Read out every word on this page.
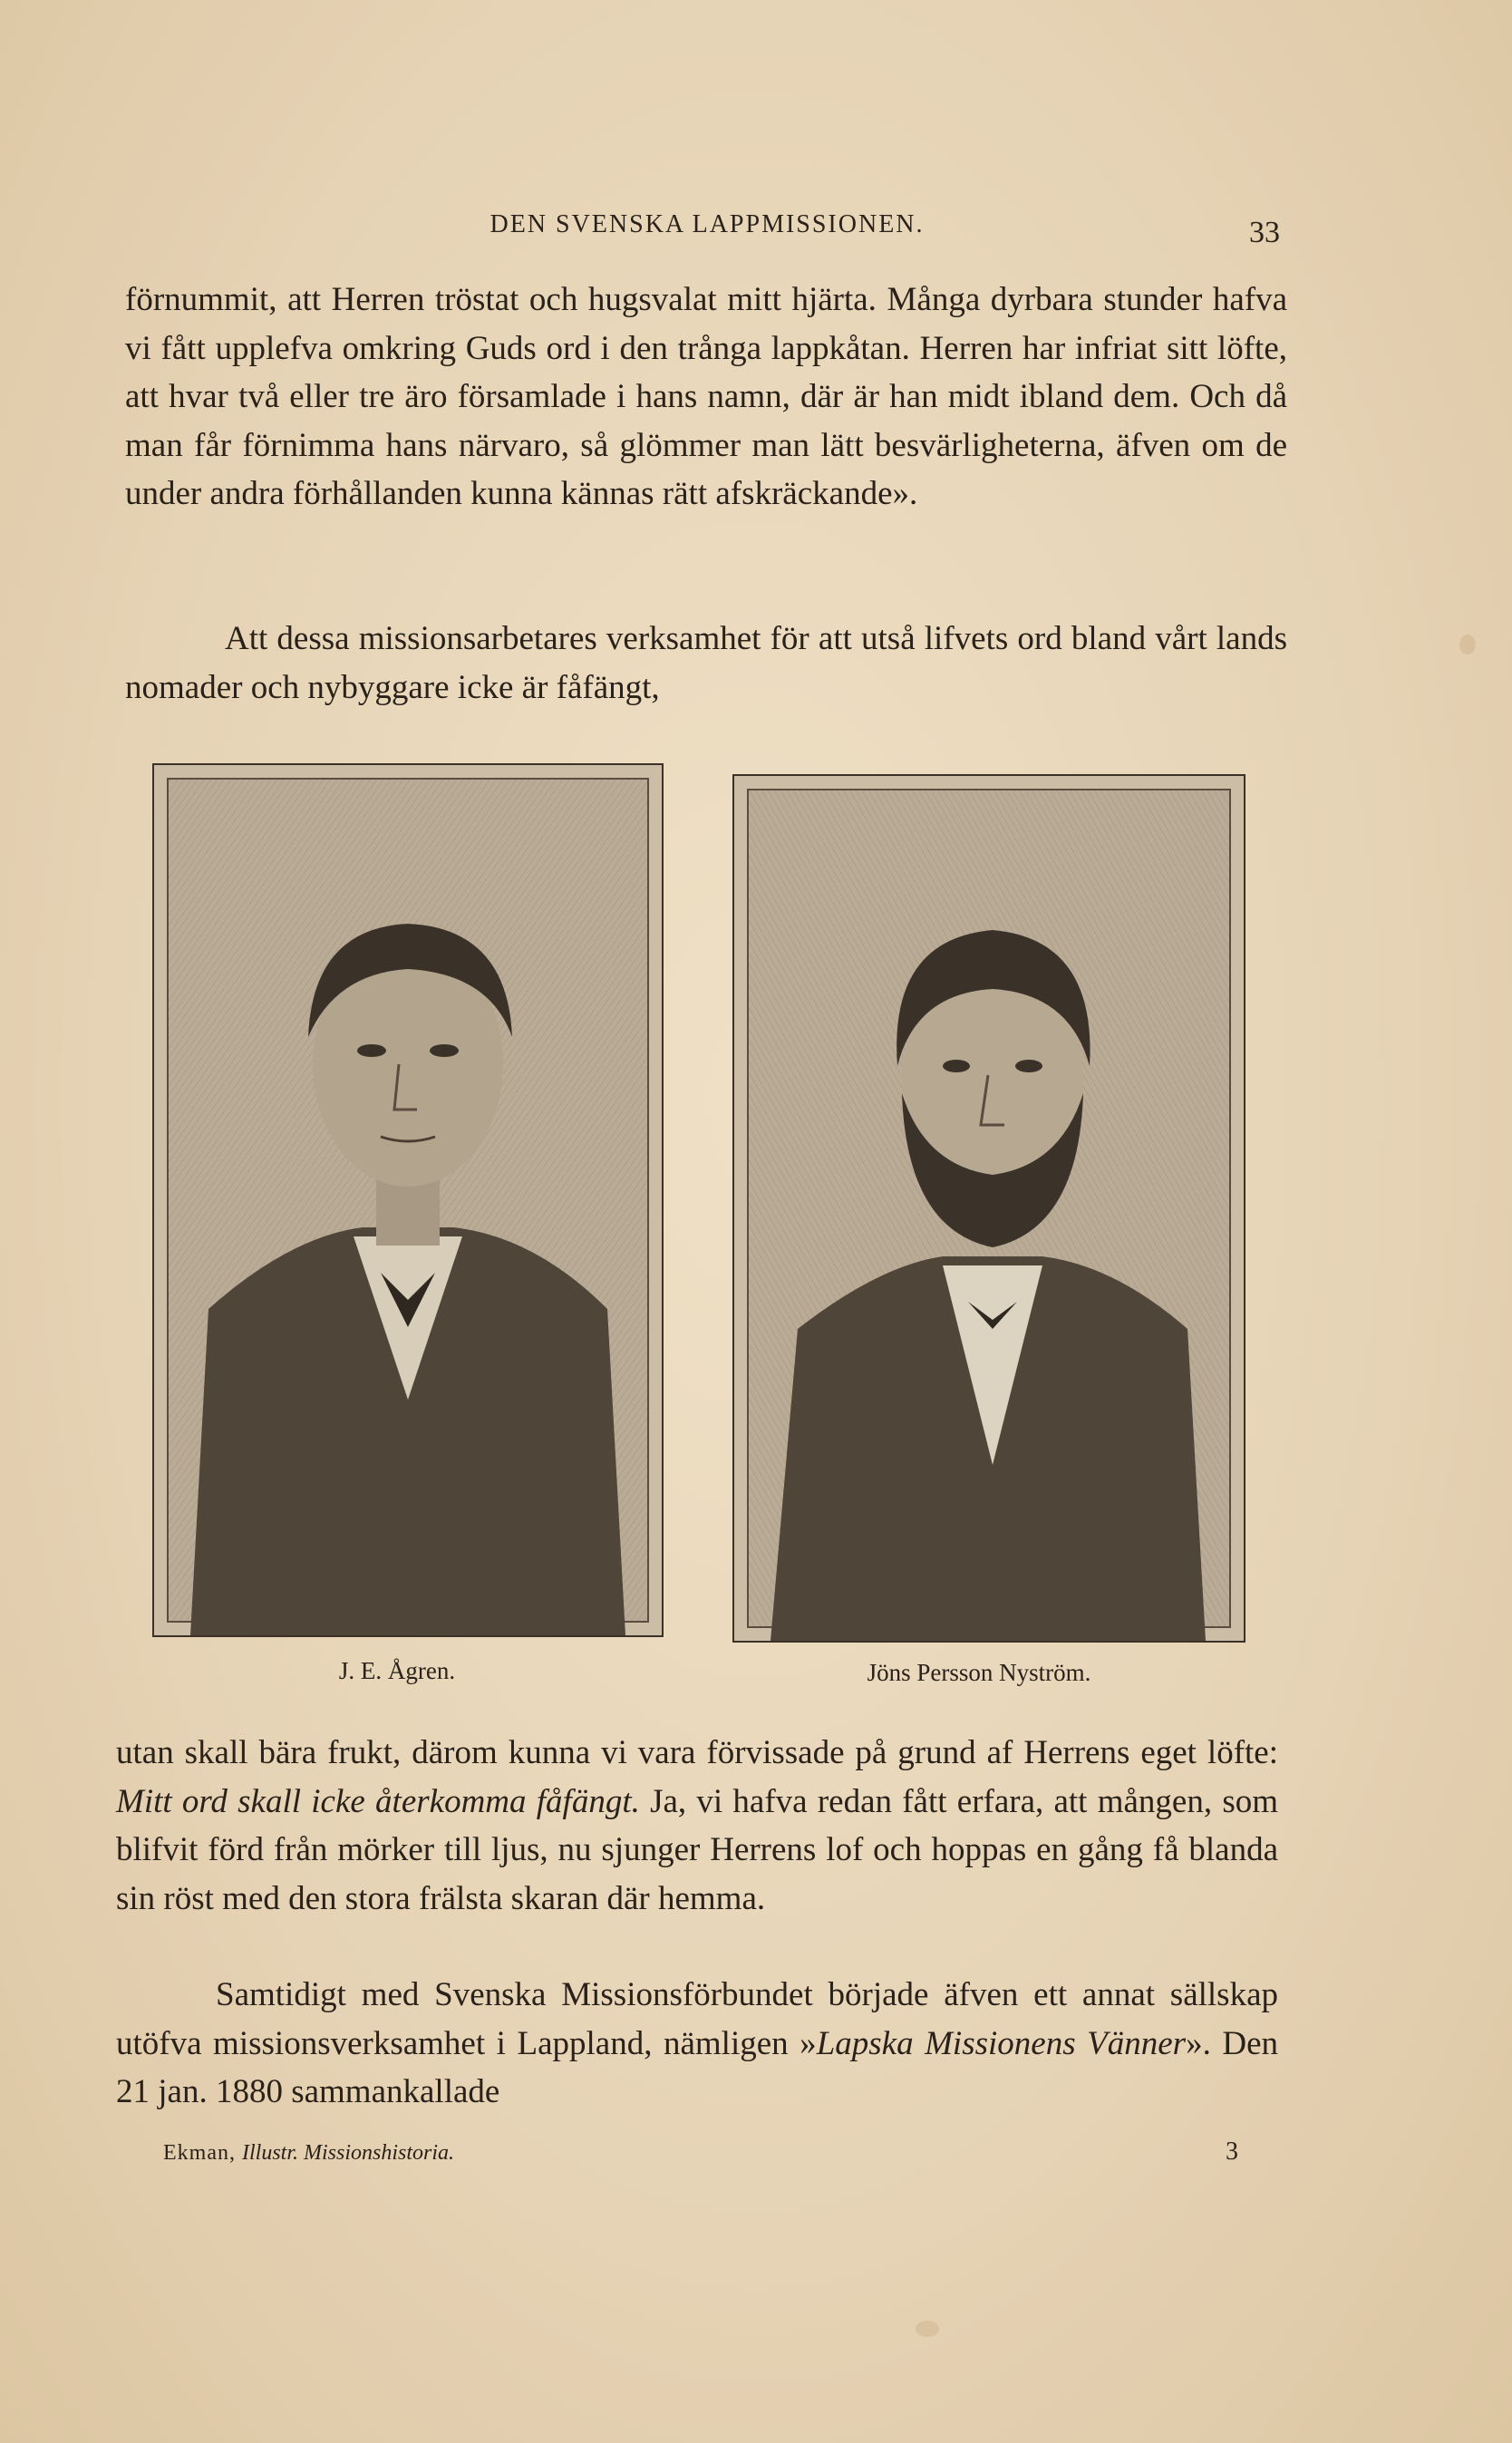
DEN SVENSKA LAPPMISSIONEN.	33

förnummit, att Herren tröstat och hugsvalat mitt hjärta. Många dyrbara stunder hafva vi fått upplefva omkring Guds ord i den trånga lappkåtan. Herren har infriat sitt löfte, att hvar två eller tre äro församlade i hans namn, där är han midt ibland dem. Och då man får förnimma hans närvaro, så glömmer man lätt besvärligheterna, äfven om de under andra förhållanden kunna kännas rätt afskräckande».

Att dessa missionsarbetares verksamhet för att utså lifvets ord bland vårt lands nomader och nybyggare icke är fåfängt,

J. E. Ågren.	Jöns Persson Nyström.

utan skall bära frukt, därom kunna vi vara förvissade på grund af Herrens eget löfte: Mitt ord skall icke återkomma fåfängt. Ja, vi hafva redan fått erfara, att mången, som blifvit förd från mörker till ljus, nu sjunger Herrens lof och hoppas en gång få blanda sin röst med den stora frälsta skaran där hemma.

Samtidigt med Svenska Missionsförbundet började äfven ett annat sällskap utöfva missionsverksamhet i Lappland, nämligen »Lapska Missionens Vänner». Den 21 jan. 1880 sammankallade

Ekman, Illustr. Missionshistoria.	3
